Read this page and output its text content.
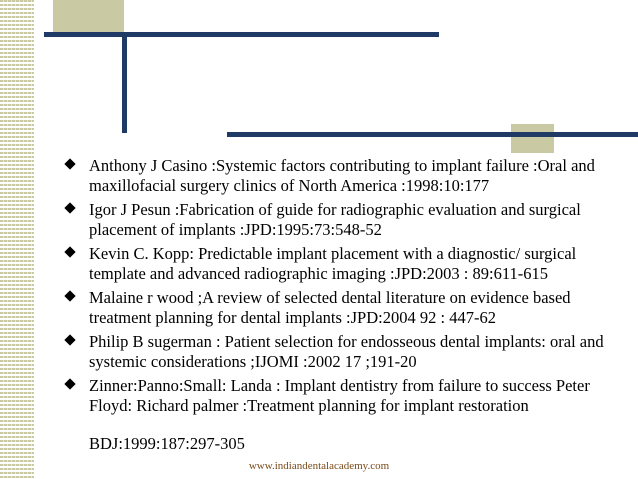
Anthony J Casino :Systemic factors contributing to implant failure :Oral and maxillofacial surgery clinics of North America :1998:10:177
Igor J Pesun :Fabrication of guide for radiographic evaluation and surgical placement of implants :JPD:1995:73:548-52
Kevin C. Kopp: Predictable implant placement with a diagnostic/ surgical template and advanced radiographic imaging :JPD:2003 : 89:611-615
Malaine r wood ;A review of selected dental literature on evidence based treatment planning for dental implants :JPD:2004 92 : 447-62
Philip B sugerman : Patient selection for endosseous dental implants: oral and systemic considerations ;IJOMI :2002 17 ;191-20
Zinner:Panno:Small: Landa : Implant dentistry from failure to success Peter Floyd: Richard palmer :Treatment planning for implant restoration
BDJ:1999:187:297-305
www.indiandentalacademy.com
